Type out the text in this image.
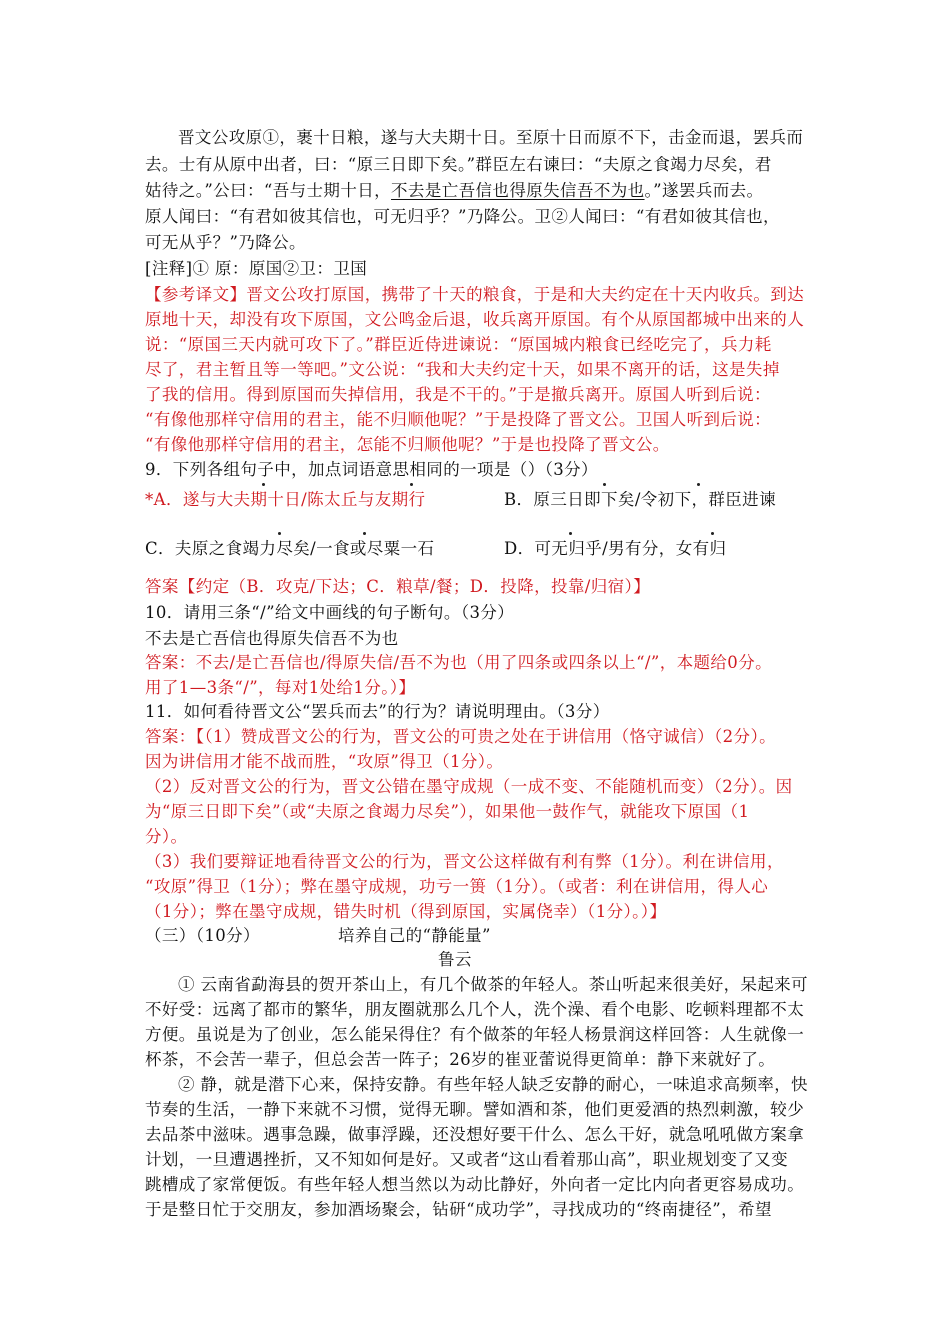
晋文公攻原①，裹十日粮，遂与大夫期十日。至原十日而原不下，击金而退，罢兵而
去。士有从原中出者，曰：“原三日即下矣。”群臣左右谏曰：“夫原之食竭力尽矣，君
姑待之。”公曰：“吾与士期十日，不去是亡吾信也得原失信吾不为也。”遂罢兵而去。
原人闻曰：“有君如彼其信也，可无归乎？”乃降公。卫②人闻曰：“有君如彼其信也，
可无从乎？”乃降公。
[注释]① 原：原国②卫：卫国
【参考译文】晋文公攻打原国，携带了十天的粮食，于是和大夫约定在十天内收兵。到达
原地十天，却没有攻下原国，文公鸣金后退，收兵离开原国。有个从原国都城中出来的人
说：“原国三天内就可攻下了。”群臣近侍进谏说：“原国城内粮食已经吃完了，兵力耗
尽了，君主暂且等一等吧。”文公说：“我和大夫约定十天，如果不离开的话，这是失掉
了我的信用。得到原国而失掉信用，我是不干的。”于是撤兵离开。原国人听到后说：
“有像他那样守信用的君主，能不归顺他呢？”于是投降了晋文公。卫国人听到后说：
“有像他那样守信用的君主，怎能不归顺他呢？”于是也投降了晋文公。
9．下列各组句子中，加点词语意思相同的一项是（）（3分）
*A．遂与大夫期十日/陈太丘与友期行	B．原三日即下矣/令初下，群臣进谏
C．夫原之食竭力尽矣/一食或尽粟一石	D．可无归乎/男有分，女有归
答案【约定（B．攻克/下达；C．粮草/餐；D．投降，投靠/归宿）】
10．请用三条“/”给文中画线的句子断句。（3分）
不去是亡吾信也得原失信吾不为也
答案：不去/是亡吾信也/得原失信/吾不为也（用了四条或四条以上“/”，本题给0分。
用了1—3条“/”，每对1处给1分。）】
11．如何看待晋文公“罢兵而去”的行为？请说明理由。（3分）
答案：【（1）赞成晋文公的行为，晋文公的可贵之处在于讲信用（恪守诚信）（2分）。
因为讲信用才能不战而胜，“攻原”得卫（1分）。
（2）反对晋文公的行为，晋文公错在墨守成规（一成不变、不能随机而变）（2分）。因
为“原三日即下矣”（或“夫原之食竭力尽矣”），如果他一鼓作气，就能攻下原国（1
分）。
（3）我们要辩证地看待晋文公的行为，晋文公这样做有利有弊（1分）。利在讲信用，
“攻原”得卫（1分）；弊在墨守成规，功亏一篑（1分）。（或者：利在讲信用，得人心
（1分）；弊在墨守成规，错失时机（得到原国，实属侥幸）（1分）。）】
（三）（10分）	培养自己的“静能量”
鲁云
① 云南省勐海县的贺开茶山上，有几个做茶的年轻人。茶山听起来很美好，呆起来可
不好受：远离了都市的繁华，朋友圈就那么几个人，洗个澡、看个电影、吃顿料理都不太
方便。虽说是为了创业，怎么能呆得住？有个做茶的年轻人杨景润这样回答：人生就像一
杯茶，不会苦一辈子，但总会苦一阵子；26岁的崔亚蕾说得更简单：静下来就好了。
② 静，就是潜下心来，保持安静。有些年轻人缺乏安静的耐心，一味追求高频率，快
节奏的生活，一静下来就不习惯，觉得无聊。譬如酒和茶，他们更爱酒的热烈刺激，较少
去品茶中滋味。遇事急躁，做事浮躁，还没想好要干什么、怎么干好，就急吼吼做方案拿
计划，一旦遭遇挫折，又不知如何是好。又或者“这山看着那山高”，职业规划变了又变
跳槽成了家常便饭。有些年轻人想当然以为动比静好，外向者一定比内向者更容易成功。
于是整日忙于交朋友，参加酒场聚会，钻研“成功学”，寻找成功的“终南捷径”，希望
